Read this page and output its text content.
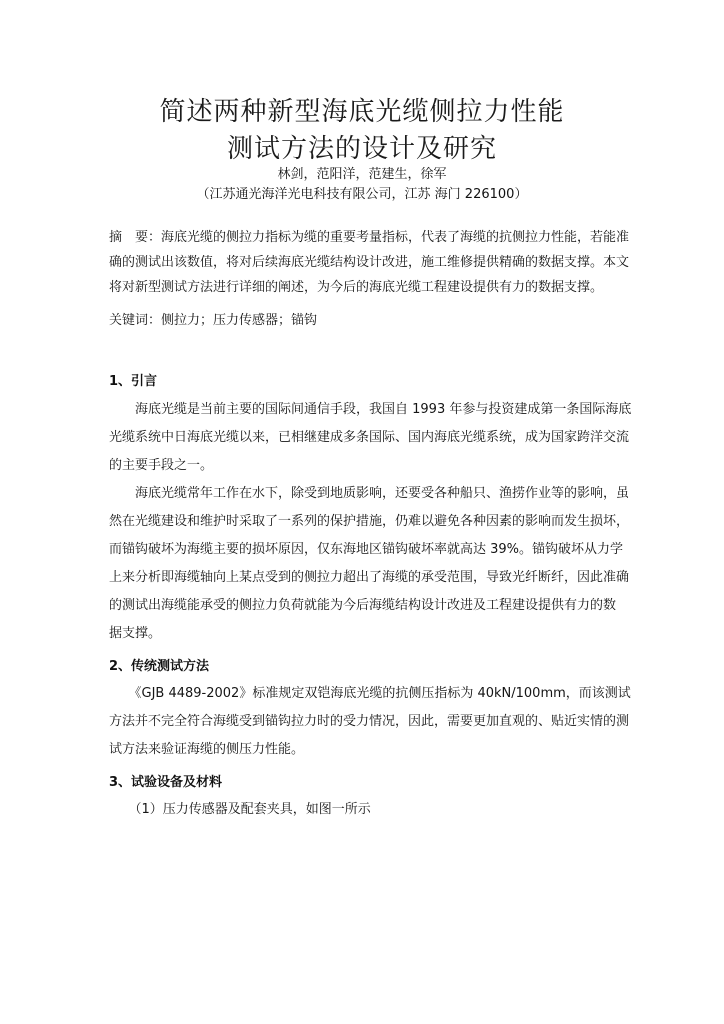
简述两种新型海底光缆侧拉力性能
测试方法的设计及研究
林剑，范阳洋，范建生，徐军
（江苏通光海洋光电科技有限公司，江苏 海门 226100）
摘　要：海底光缆的侧拉力指标为缆的重要考量指标，代表了海缆的抗侧拉力性能，若能准
确的测试出该数值，将对后续海底光缆结构设计改进，施工维修提供精确的数据支撑。本文
将对新型测试方法进行详细的阐述，为今后的海底光缆工程建设提供有力的数据支撑。
关键词：侧拉力；压力传感器；锚钩
1、引言
　　海底光缆是当前主要的国际间通信手段，我国自 1993 年参与投资建成第一条国际海底
光缆系统中日海底光缆以来，已相继建成多条国际、国内海底光缆系统，成为国家跨洋交流
的主要手段之一。
　　海底光缆常年工作在水下，除受到地质影响，还要受各种船只、渔捞作业等的影响，虽
然在光缆建设和维护时采取了一系列的保护措施，仍难以避免各种因素的影响而发生损坏，
而锚钩破坏为海缆主要的损坏原因，仅东海地区锚钩破坏率就高达 39%。锚钩破坏从力学
上来分析即海缆轴向上某点受到的侧拉力超出了海缆的承受范围，导致光纤断纤，因此准确
的测试出海缆能承受的侧拉力负荷就能为今后海缆结构设计改进及工程建设提供有力的数
据支撑。
2、传统测试方法
　　《GJB 4489-2002》标准规定双铠海底光缆的抗侧压指标为 40kN/100mm，而该测试
方法并不完全符合海缆受到锚钩拉力时的受力情况，因此，需要更加直观的、贴近实情的测
试方法来验证海缆的侧压力性能。
3、试验设备及材料
　　（1）压力传感器及配套夹具，如图一所示
